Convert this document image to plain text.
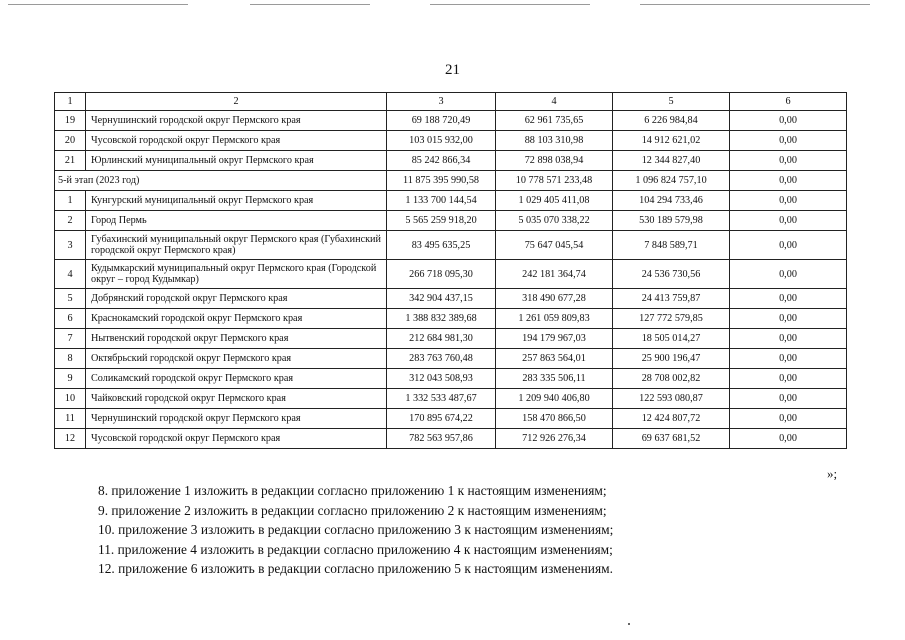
21
1	2	3	4	5	6
19	Чернушинский городской округ Пермского края	69 188 720,49	62 961 735,65	6 226 984,84	0,00
20	Чусовской городской округ Пермского края	103 015 932,00	88 103 310,98	14 912 621,02	0,00
21	Юрлинский муниципальный округ Пермского края	85 242 866,34	72 898 038,94	12 344 827,40	0,00
5-й этап (2023 год)		11 875 395 990,58	10 778 571 233,48	1 096 824 757,10	0,00
1	Кунгурский муниципальный округ Пермского края	1 133 700 144,54	1 029 405 411,08	104 294 733,46	0,00
2	Город Пермь	5 565 259 918,20	5 035 070 338,22	530 189 579,98	0,00
3	Губахинский муниципальный округ Пермского края (Губахинский городской округ Пермского края)	83 495 635,25	75 647 045,54	7 848 589,71	0,00
4	Кудымкарский муниципальный округ Пермского края (Городской округ – город Кудымкар)	266 718 095,30	242 181 364,74	24 536 730,56	0,00
5	Добрянский городской округ Пермского края	342 904 437,15	318 490 677,28	24 413 759,87	0,00
6	Краснокамский городской округ Пермского края	1 388 832 389,68	1 261 059 809,83	127 772 579,85	0,00
7	Нытвенский городской округ Пермского края	212 684 981,30	194 179 967,03	18 505 014,27	0,00
8	Октябрьский городской округ Пермского края	283 763 760,48	257 863 564,01	25 900 196,47	0,00
9	Соликамский городской округ Пермского края	312 043 508,93	283 335 506,11	28 708 002,82	0,00
10	Чайковский городской округ Пермского края	1 332 533 487,67	1 209 940 406,80	122 593 080,87	0,00
11	Чернушинский городской округ Пермского края	170 895 674,22	158 470 866,50	12 424 807,72	0,00
12	Чусовской городской округ Пермского края	782 563 957,86	712 926 276,34	69 637 681,52	0,00
»;
8. приложение 1 изложить в редакции согласно приложению 1 к настоящим изменениям;
9. приложение 2 изложить в редакции согласно приложению 2 к настоящим изменениям;
10. приложение 3 изложить в редакции согласно приложению 3 к настоящим изменениям;
11. приложение 4 изложить в редакции согласно приложению 4 к настоящим изменениям;
12. приложение 6 изложить в редакции согласно приложению 5 к настоящим изменениям.
